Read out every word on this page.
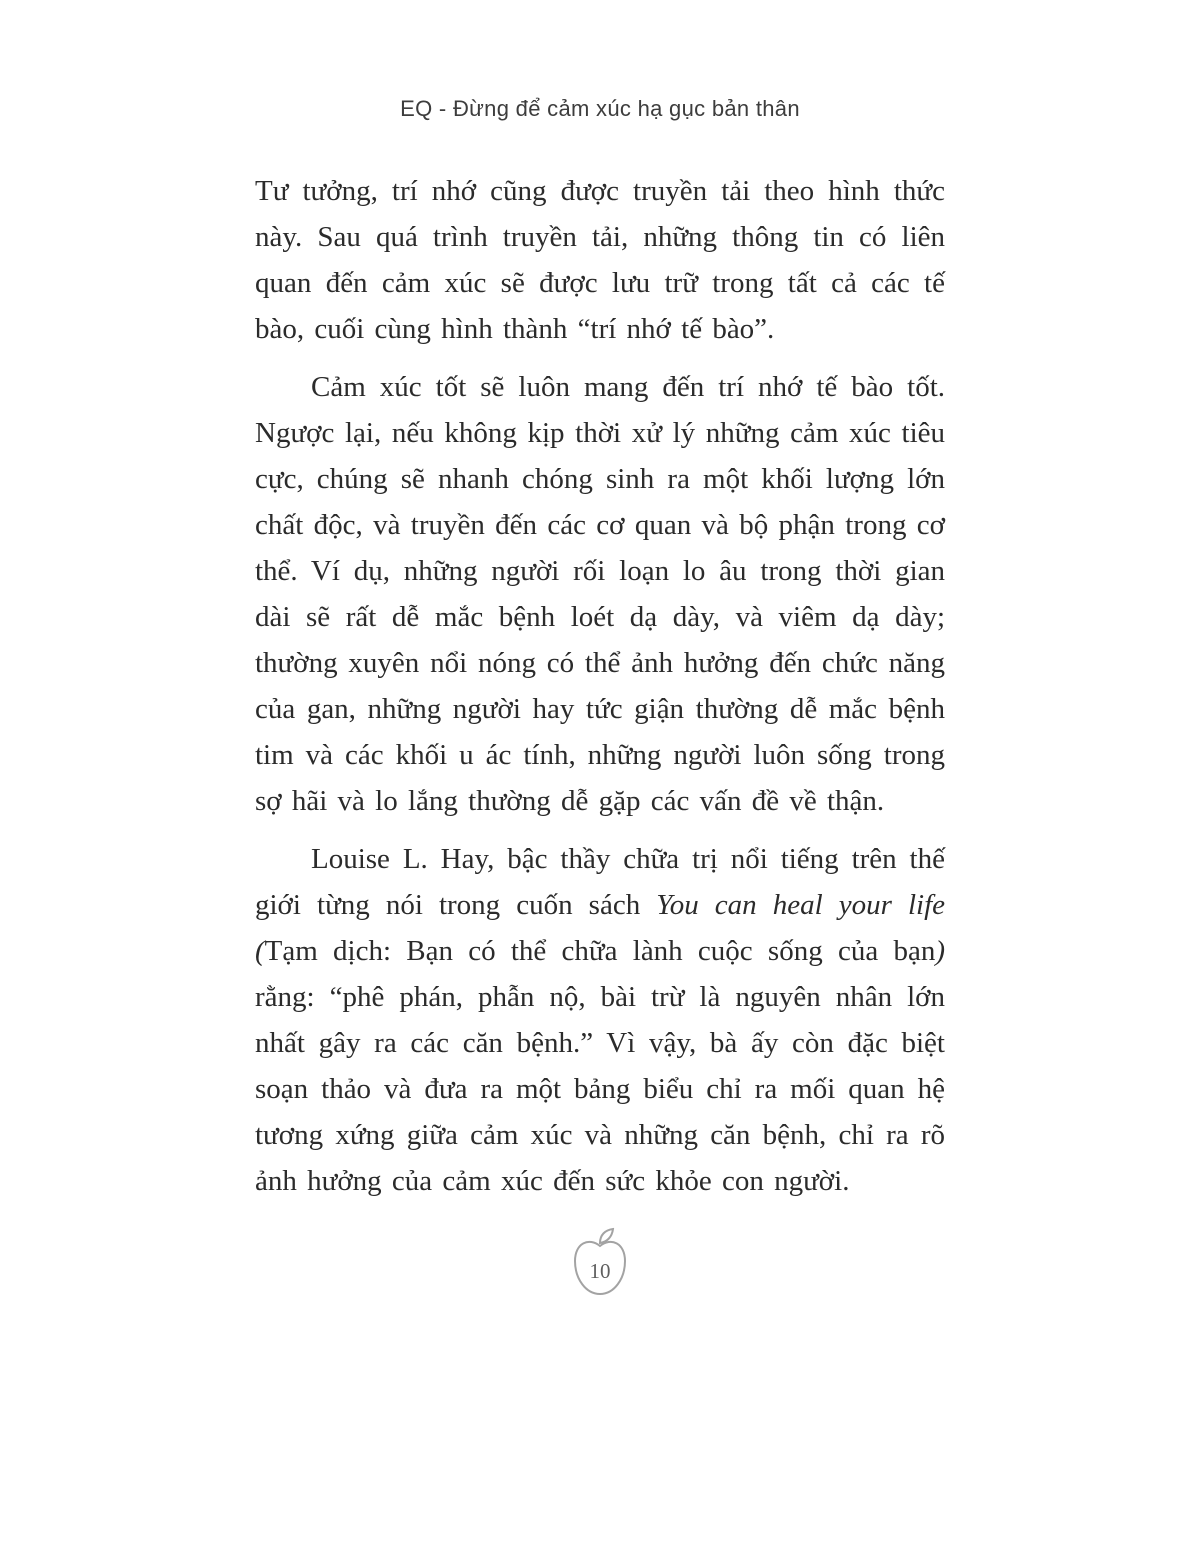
EQ - Đừng để cảm xúc hạ gục bản thân

Tư tưởng, trí nhớ cũng được truyền tải theo hình thức này. Sau quá trình truyền tải, những thông tin có liên quan đến cảm xúc sẽ được lưu trữ trong tất cả các tế bào, cuối cùng hình thành “trí nhớ tế bào”.

Cảm xúc tốt sẽ luôn mang đến trí nhớ tế bào tốt. Ngược lại, nếu không kịp thời xử lý những cảm xúc tiêu cực, chúng sẽ nhanh chóng sinh ra một khối lượng lớn chất độc, và truyền đến các cơ quan và bộ phận trong cơ thể. Ví dụ, những người rối loạn lo âu trong thời gian dài sẽ rất dễ mắc bệnh loét dạ dày, và viêm dạ dày; thường xuyên nổi nóng có thể ảnh hưởng đến chức năng của gan, những người hay tức giận thường dễ mắc bệnh tim và các khối u ác tính, những người luôn sống trong sợ hãi và lo lắng thường dễ gặp các vấn đề về thận.

Louise L. Hay, bậc thầy chữa trị nổi tiếng trên thế giới từng nói trong cuốn sách You can heal your life (Tạm dịch: Bạn có thể chữa lành cuộc sống của bạn) rằng: “phê phán, phẫn nộ, bài trừ là nguyên nhân lớn nhất gây ra các căn bệnh.” Vì vậy, bà ấy còn đặc biệt soạn thảo và đưa ra một bảng biểu chỉ ra mối quan hệ tương xứng giữa cảm xúc và những căn bệnh, chỉ ra rõ ảnh hưởng của cảm xúc đến sức khỏe con người.

10
